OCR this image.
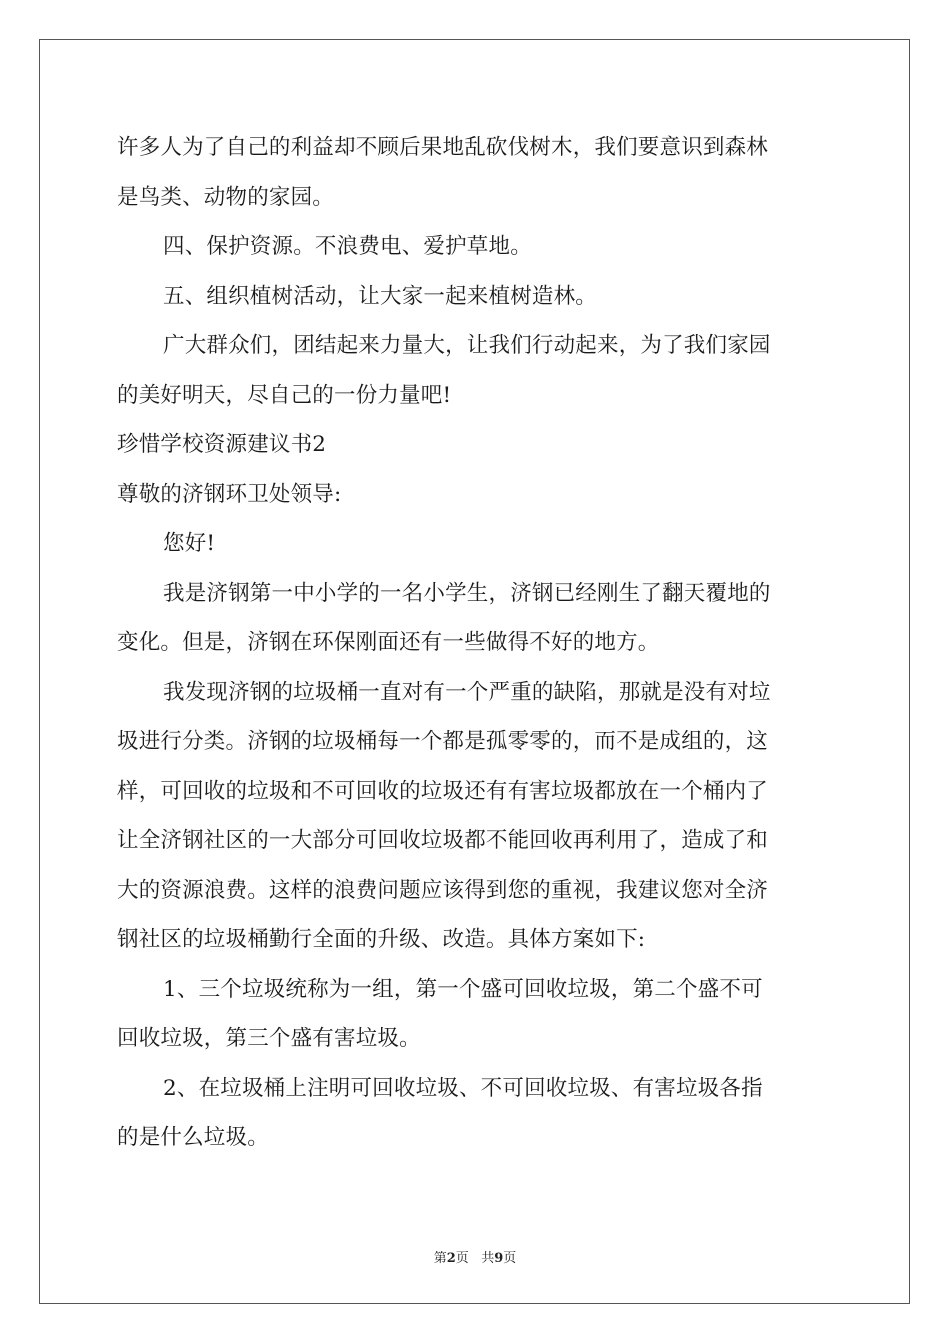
许多人为了自己的利益却不顾后果地乱砍伐树木，我们要意识到森林
是鸟类、动物的家园。
四、保护资源。不浪费电、爱护草地。
五、组织植树活动，让大家一起来植树造林。
广大群众们，团结起来力量大，让我们行动起来，为了我们家园
的美好明天，尽自己的一份力量吧!
珍惜学校资源建议书2
尊敬的济钢环卫处领导:
您好!
我是济钢第一中小学的一名小学生，济钢已经刚生了翻天覆地的
变化。但是，济钢在环保刚面还有一些做得不好的地方。
我发现济钢的垃圾桶一直对有一个严重的缺陷，那就是没有对垃
圾进行分类。济钢的垃圾桶每一个都是孤零零的，而不是成组的，这
样，可回收的垃圾和不可回收的垃圾还有有害垃圾都放在一个桶内了
让全济钢社区的一大部分可回收垃圾都不能回收再利用了，造成了和
大的资源浪费。这样的浪费问题应该得到您的重视，我建议您对全济
钢社区的垃圾桶勤行全面的升级、改造。具体方案如下:
1、三个垃圾统称为一组，第一个盛可回收垃圾，第二个盛不可
回收垃圾，第三个盛有害垃圾。
2、在垃圾桶上注明可回收垃圾、不可回收垃圾、有害垃圾各指
的是什么垃圾。
第2页 共9页
